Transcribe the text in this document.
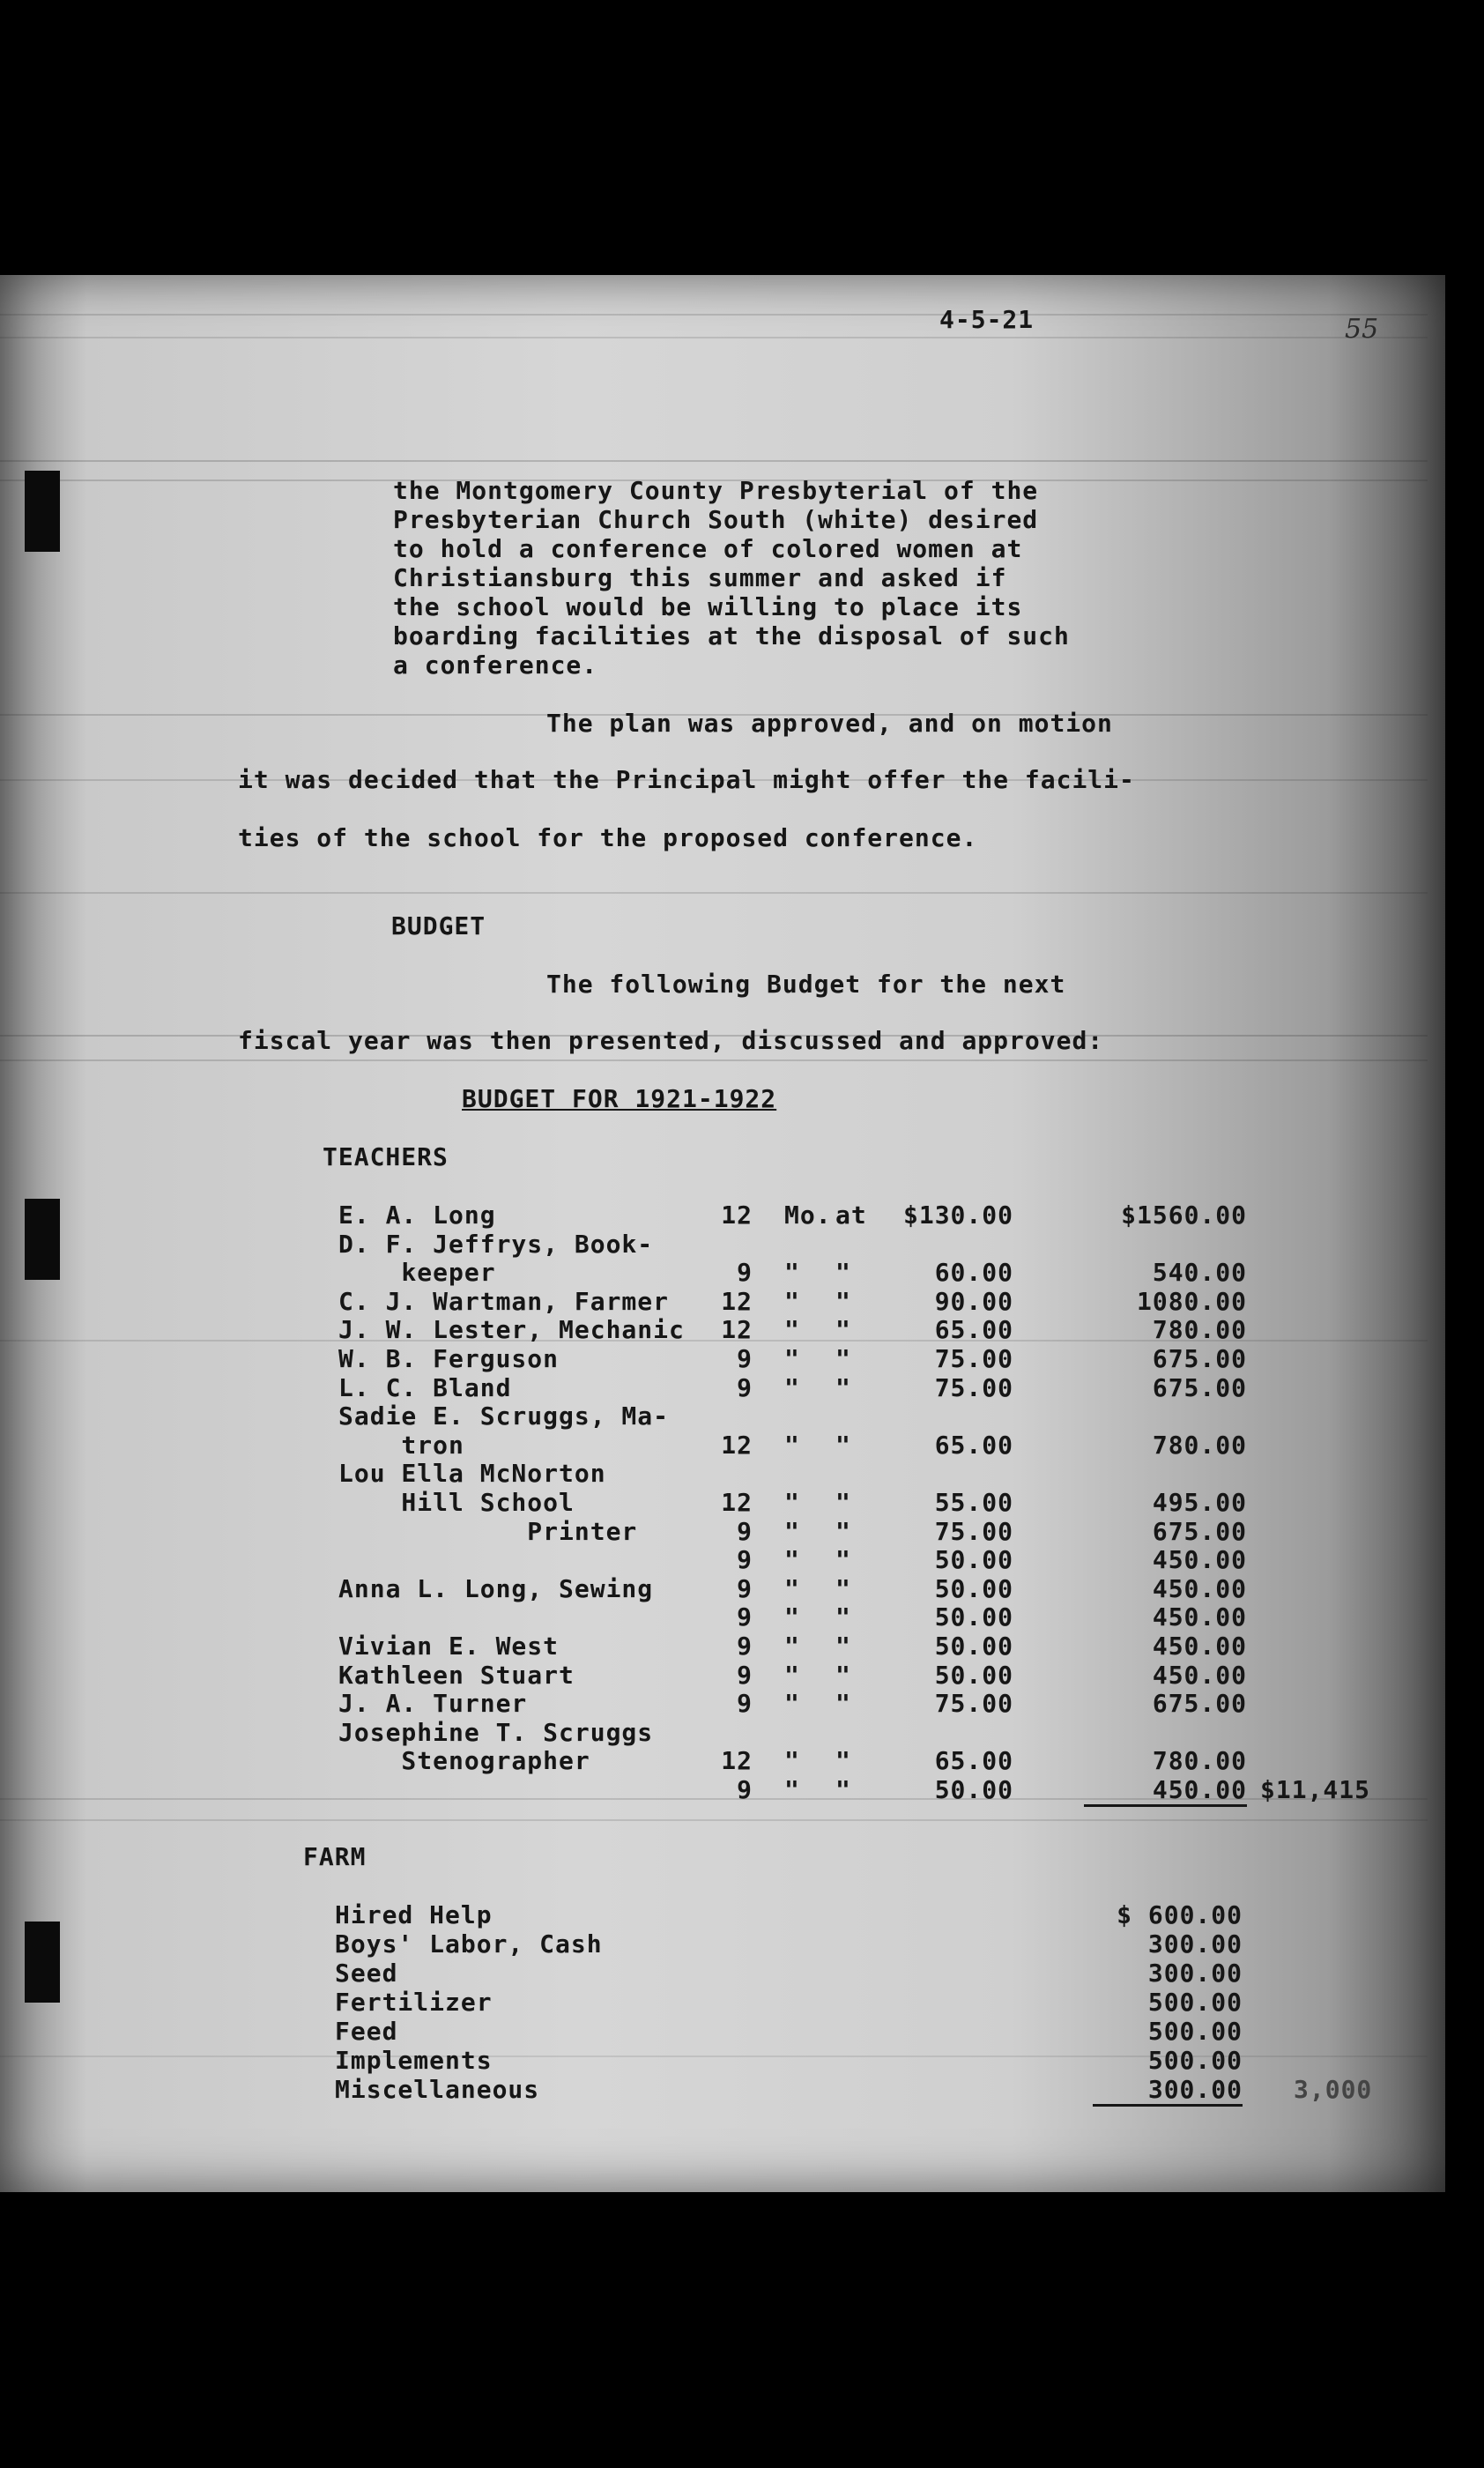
4-5-21	55
the Montgomery County Presbyterial of the
Presbyterian Church South (white) desired
to hold a conference of colored women at
Christiansburg this summer and asked if
the school would be willing to place its
boarding facilities at the disposal of such
a conference.
The plan was approved, and on motion
it was decided that the Principal might offer the facili-
ties of the school for the proposed conference.
BUDGET
The following Budget for the next
fiscal year was then presented, discussed and approved:
BUDGET FOR 1921-1922
TEACHERS
E. A. Long	12 Mo. at	$130.00	$1560.00
D. F. Jeffrys, Book-
keeper	9 " "	60.00	540.00
C. J. Wartman, Farmer 12 " "	90.00	1080.00
J. W. Lester, Mechanic 12 " "	65.00	780.00
W. B. Ferguson	9 " "	75.00	675.00
L. C. Bland	9 " "	75.00	675.00
Sadie E. Scruggs, Ma-
tron	12 " "	65.00	780.00
Lou Ella McNorton
Hill School	12 " "	55.00	495.00
Printer	9 " "	75.00	675.00
9 " "	50.00	450.00
Anna L. Long, Sewing	9 " "	50.00	450.00
9 " "	50.00	450.00
Vivian E. West	9 " "	50.00	450.00
Kathleen Stuart	9 " "	50.00	450.00
J. A. Turner	9 " "	75.00	675.00
Josephine T. Scruggs
Stenographer	12 " "	65.00	780.00
9 " "	50.00	450.00 $11,415
FARM
Hired Help	$ 600.00
Boys' Labor, Cash	300.00
Seed	300.00
Fertilizer	500.00
Feed	500.00
Implements	500.00
Miscellaneous	300.00 3,000
